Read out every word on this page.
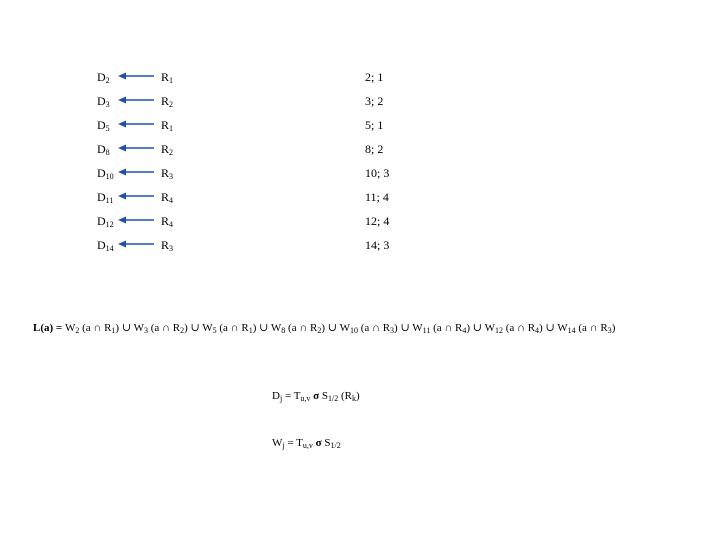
$D_2$	$R_1$	2; 1
$D_3$	$R_2$	3; 2
$D_5$	$R_1$	5; 1
$D_8$	$R_2$	8; 2
$D_{10}$	$R_3$	10; 3
$D_{11}$	$R_4$	11; 4
$D_{12}$	$R_4$	12; 4
$D_{14}$	$R_3$	14; 3
$L(a) = W_2$ (a ∩ $R_1$) ∪ $W_3$ (a ∩ $R_2$) ∪ $W_5$ (a ∩ $R_1$) ∪ $W_8$ (a ∩ $R_2$) ∪ $W_{10}$ (a ∩ $R_3$) ∪ $W_{11}$ (a ∩ $R_4$) ∪ $W_{12}$ (a ∩ $R_4$) ∪ $W_{14}$ (a ∩ $R_3$)
$D_j = T_{u,v}$ σ $S_{1/2}$ $(R_k)$
$W_j = T_{u,v}$ σ $S_{1/2}$
